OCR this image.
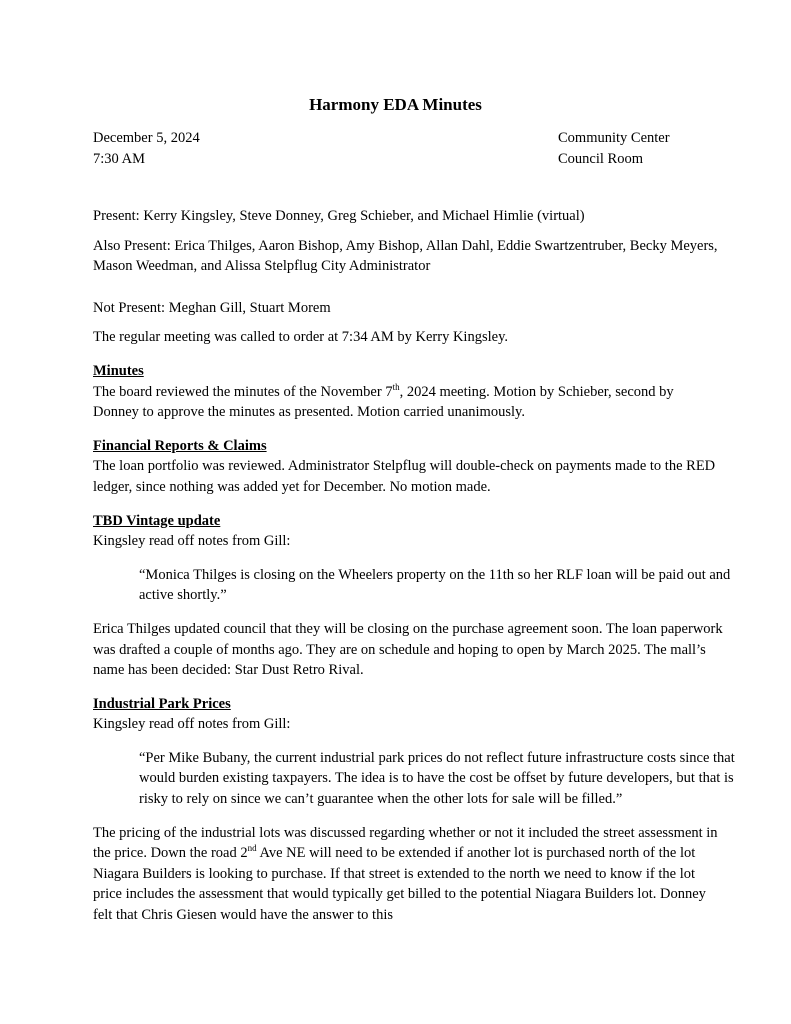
Harmony EDA Minutes
December 5, 2024
7:30 AM
Community Center
Council Room

Present: Kerry Kingsley, Steve Donney, Greg Schieber, and Michael Himlie (virtual)

Also Present: Erica Thilges, Aaron Bishop, Amy Bishop, Allan Dahl, Eddie Swartzentruber, Becky Meyers, Mason Weedman, and Alissa Stelpflug City Administrator

Not Present: Meghan Gill, Stuart Morem

The regular meeting was called to order at 7:34 AM by Kerry Kingsley.

Minutes

The board reviewed the minutes of the November 7th, 2024 meeting. Motion by Schieber, second by Donney to approve the minutes as presented. Motion carried unanimously.

Financial Reports & Claims

The loan portfolio was reviewed. Administrator Stelpflug will double-check on payments made to the RED ledger, since nothing was added yet for December. No motion made.

TBD Vintage update

Kingsley read off notes from Gill:

“Monica Thilges is closing on the Wheelers property on the 11th so her RLF loan will be paid out and active shortly.”

Erica Thilges updated council that they will be closing on the purchase agreement soon. The loan paperwork was drafted a couple of months ago. They are on schedule and hoping to open by March 2025. The mall’s name has been decided: Star Dust Retro Rival.

Industrial Park Prices

Kingsley read off notes from Gill:

“Per Mike Bubany, the current industrial park prices do not reflect future infrastructure costs since that would burden existing taxpayers. The idea is to have the cost be offset by future developers, but that is risky to rely on since we can’t guarantee when the other lots for sale will be filled.”

The pricing of the industrial lots was discussed regarding whether or not it included the street assessment in the price. Down the road 2nd Ave NE will need to be extended if another lot is purchased north of the lot Niagara Builders is looking to purchase. If that street is extended to the north we need to know if the lot price includes the assessment that would typically get billed to the potential Niagara Builders lot. Donney felt that Chris Giesen would have the answer to this
